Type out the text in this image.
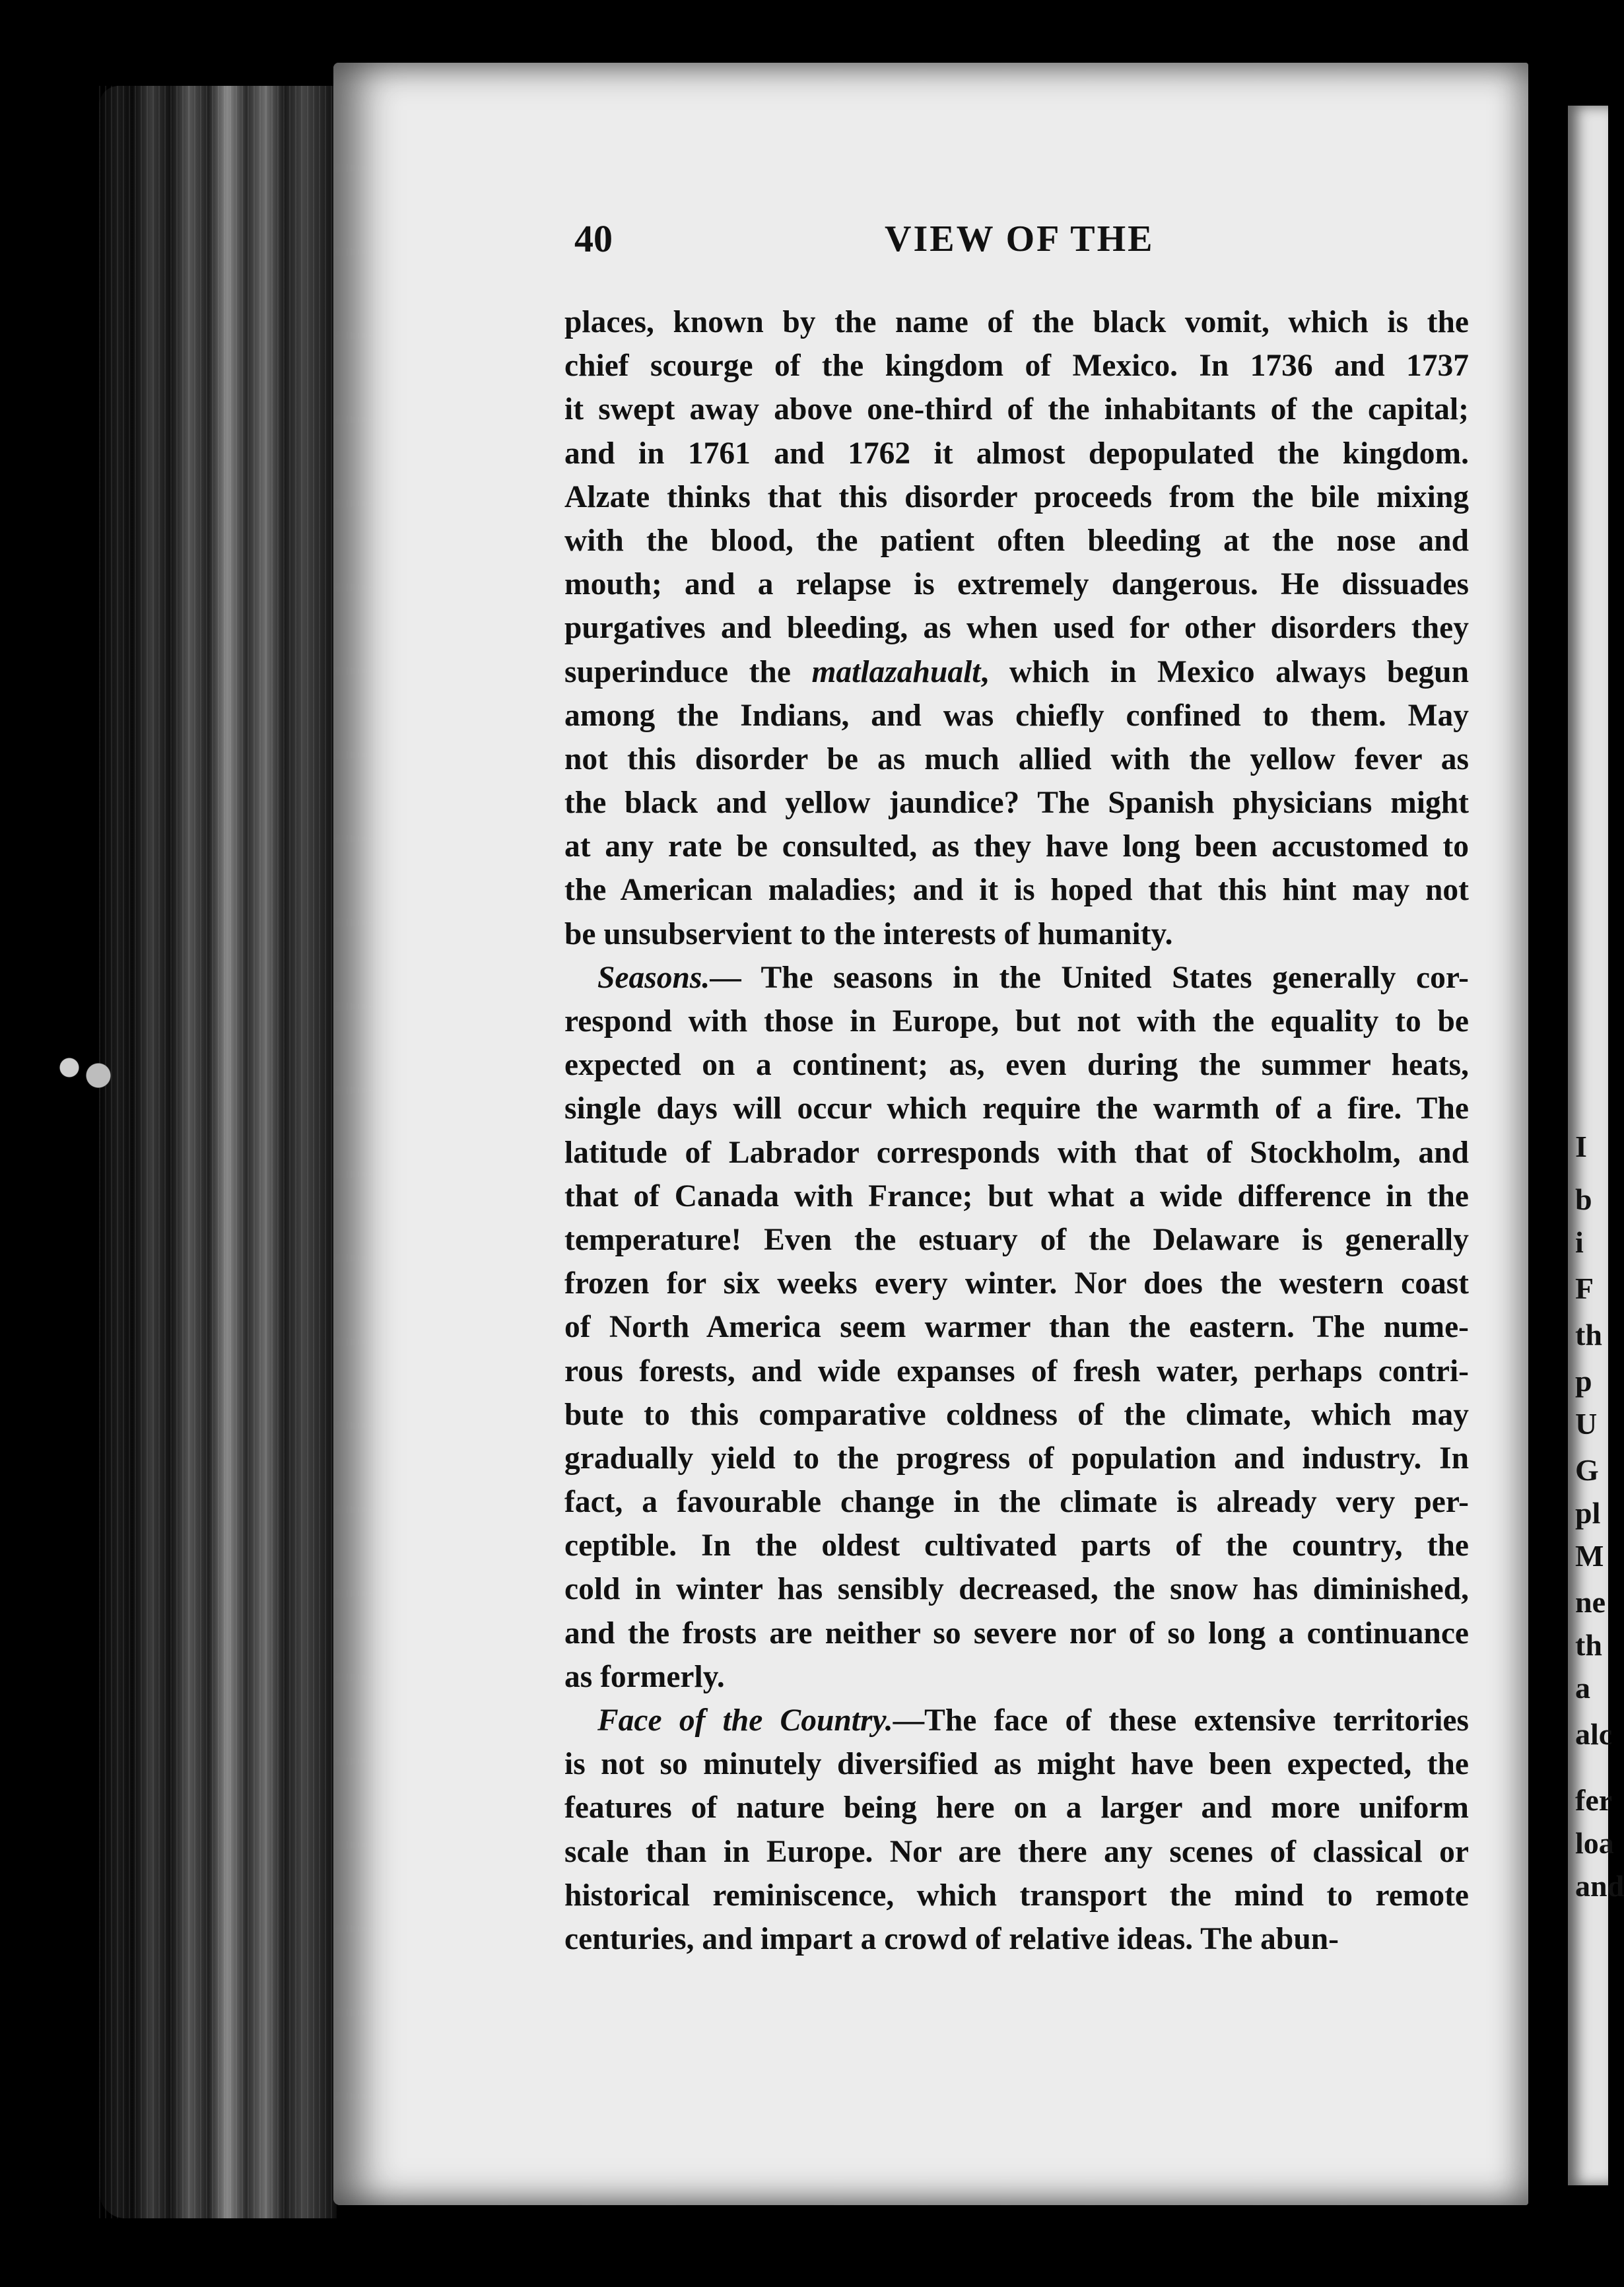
I
b
i
F
th
p
U
G
pl
M
ne
th
a
alc
fer
loa
and
40	VIEW OF THE
places, known by the name of the black vomit, which is the
chief scourge of the kingdom of Mexico. In 1736 and 1737
it swept away above one-third of the inhabitants of the capital;
and in 1761 and 1762 it almost depopulated the kingdom.
Alzate thinks that this disorder proceeds from the bile mixing
with the blood, the patient often bleeding at the nose and
mouth; and a relapse is extremely dangerous. He dissuades
purgatives and bleeding, as when used for other disorders they
superinduce the matlazahualt, which in Mexico always begun
among the Indians, and was chiefly confined to them. May
not this disorder be as much allied with the yellow fever as
the black and yellow jaundice? The Spanish physicians might
at any rate be consulted, as they have long been accustomed to
the American maladies; and it is hoped that this hint may not
be unsubservient to the interests of humanity.
Seasons.— The seasons in the United States generally cor-
respond with those in Europe, but not with the equality to be
expected on a continent; as, even during the summer heats,
single days will occur which require the warmth of a fire. The
latitude of Labrador corresponds with that of Stockholm, and
that of Canada with France; but what a wide difference in the
temperature! Even the estuary of the Delaware is generally
frozen for six weeks every winter. Nor does the western coast
of North America seem warmer than the eastern. The nume-
rous forests, and wide expanses of fresh water, perhaps contri-
bute to this comparative coldness of the climate, which may
gradually yield to the progress of population and industry. In
fact, a favourable change in the climate is already very per-
ceptible. In the oldest cultivated parts of the country, the
cold in winter has sensibly decreased, the snow has diminished,
and the frosts are neither so severe nor of so long a continuance
as formerly.
Face of the Country.—The face of these extensive territories
is not so minutely diversified as might have been expected, the
features of nature being here on a larger and more uniform
scale than in Europe. Nor are there any scenes of classical or
historical reminiscence, which transport the mind to remote
centuries, and impart a crowd of relative ideas. The abun-
